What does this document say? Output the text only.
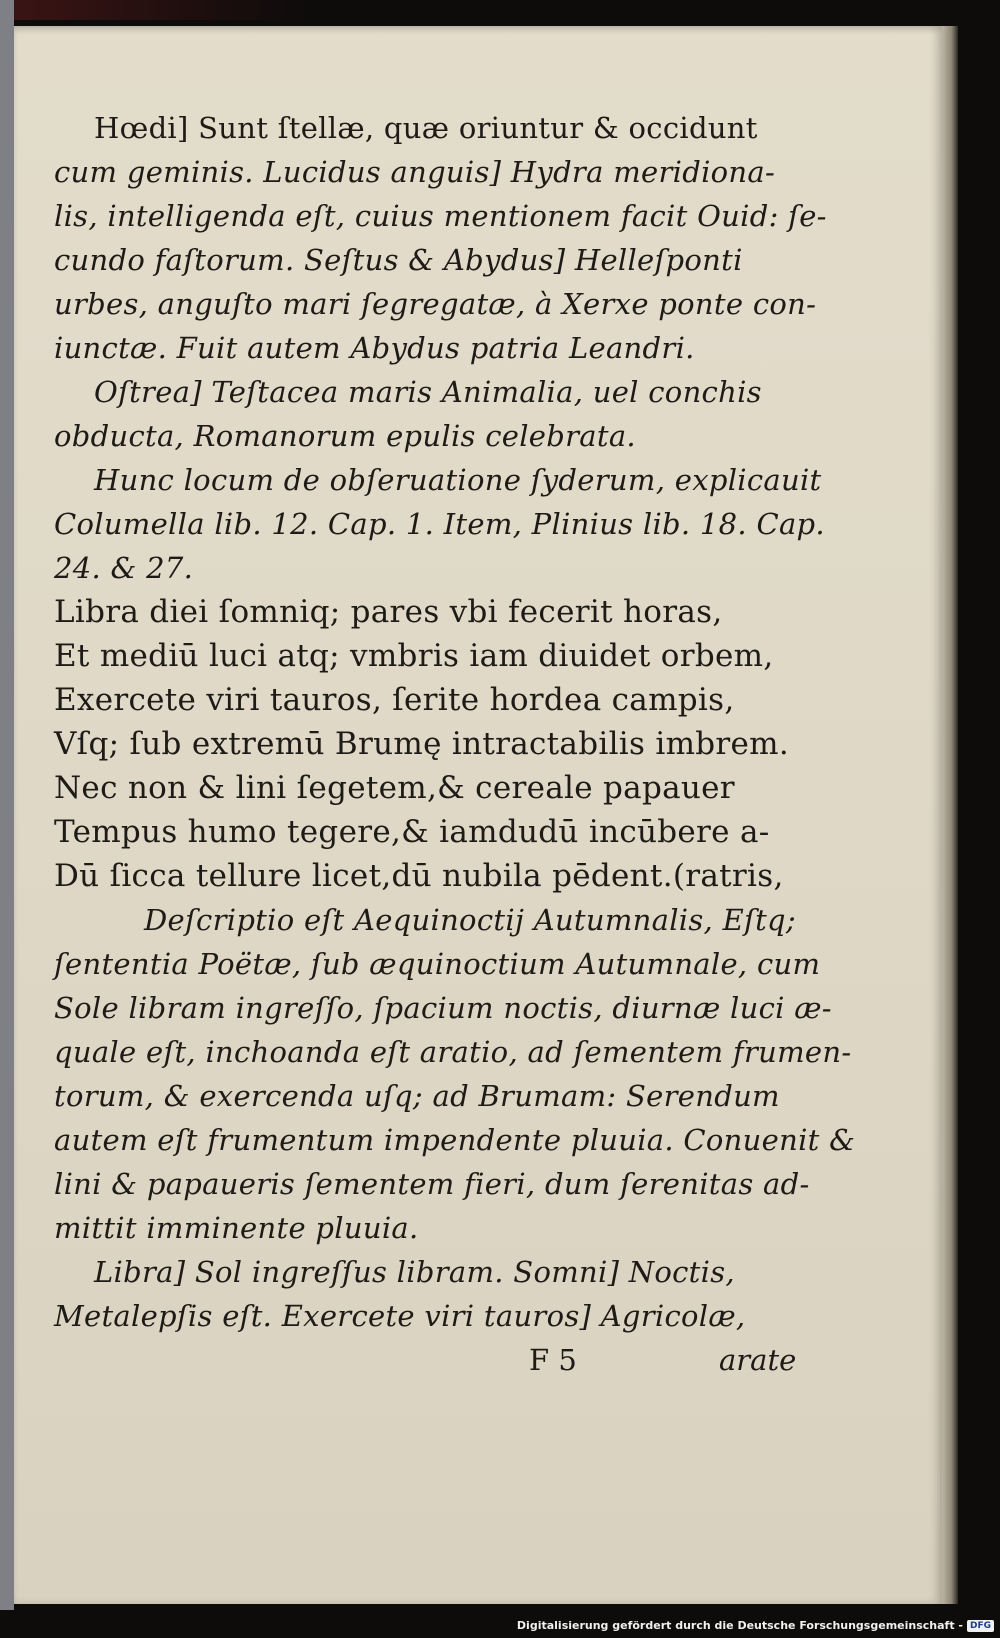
Hœdi] Sunt ſtellæ, quæ oriuntur & occidunt
cum geminis. Lucidus anguis] Hydra meridiona-
lis, intelligenda eſt, cuius mentionem facit Ouid: ſe-
cundo faſtorum. Seſtus & Abydus] Helleſponti
urbes, anguſto mari ſegregatæ, à Xerxe ponte con-
iunctæ. Fuit autem Abydus patria Leandri.
Oſtrea] Teſtacea maris Animalia, uel conchis
obducta, Romanorum epulis celebrata.
Hunc locum de obſeruatione ſyderum, explicauit
Columella lib. 12. Cap. 1. Item, Plinius lib. 18. Cap.
24. & 27.
Libra diei ſomniq; pares vbi fecerit horas,
Et mediū luci atq; vmbris iam diuidet orbem,
Exercete viri tauros, ſerite hordea campis,
Vſq; ſub extremū Brumę intractabilis imbrem.
Nec non & lini ſegetem,& cereale papauer
Tempus humo tegere,& iamdudū incūbere a-
Dū ſicca tellure licet,dū nubila pēdent.(ratris,
Deſcriptio eſt Aequinoctij Autumnalis, Eſtq;
ſententia Poëtæ, ſub æquinoctium Autumnale, cum
Sole libram ingreſſo, ſpacium noctis, diurnæ luci æ-
quale eſt, inchoanda eſt aratio, ad ſementem frumen-
torum, & exercenda uſq; ad Brumam: Serendum
autem eſt frumentum impendente pluuia. Conuenit &
lini & papaueris ſementem fieri, dum ſerenitas ad-
mittit imminente pluuia.
Libra] Sol ingreſſus libram. Somni] Noctis,
Metalepſis eſt. Exercete viri tauros] Agricolæ,
F 5	arate
Digitalisierung gefördert durch die Deutsche Forschungsgemeinschaft - DFG
